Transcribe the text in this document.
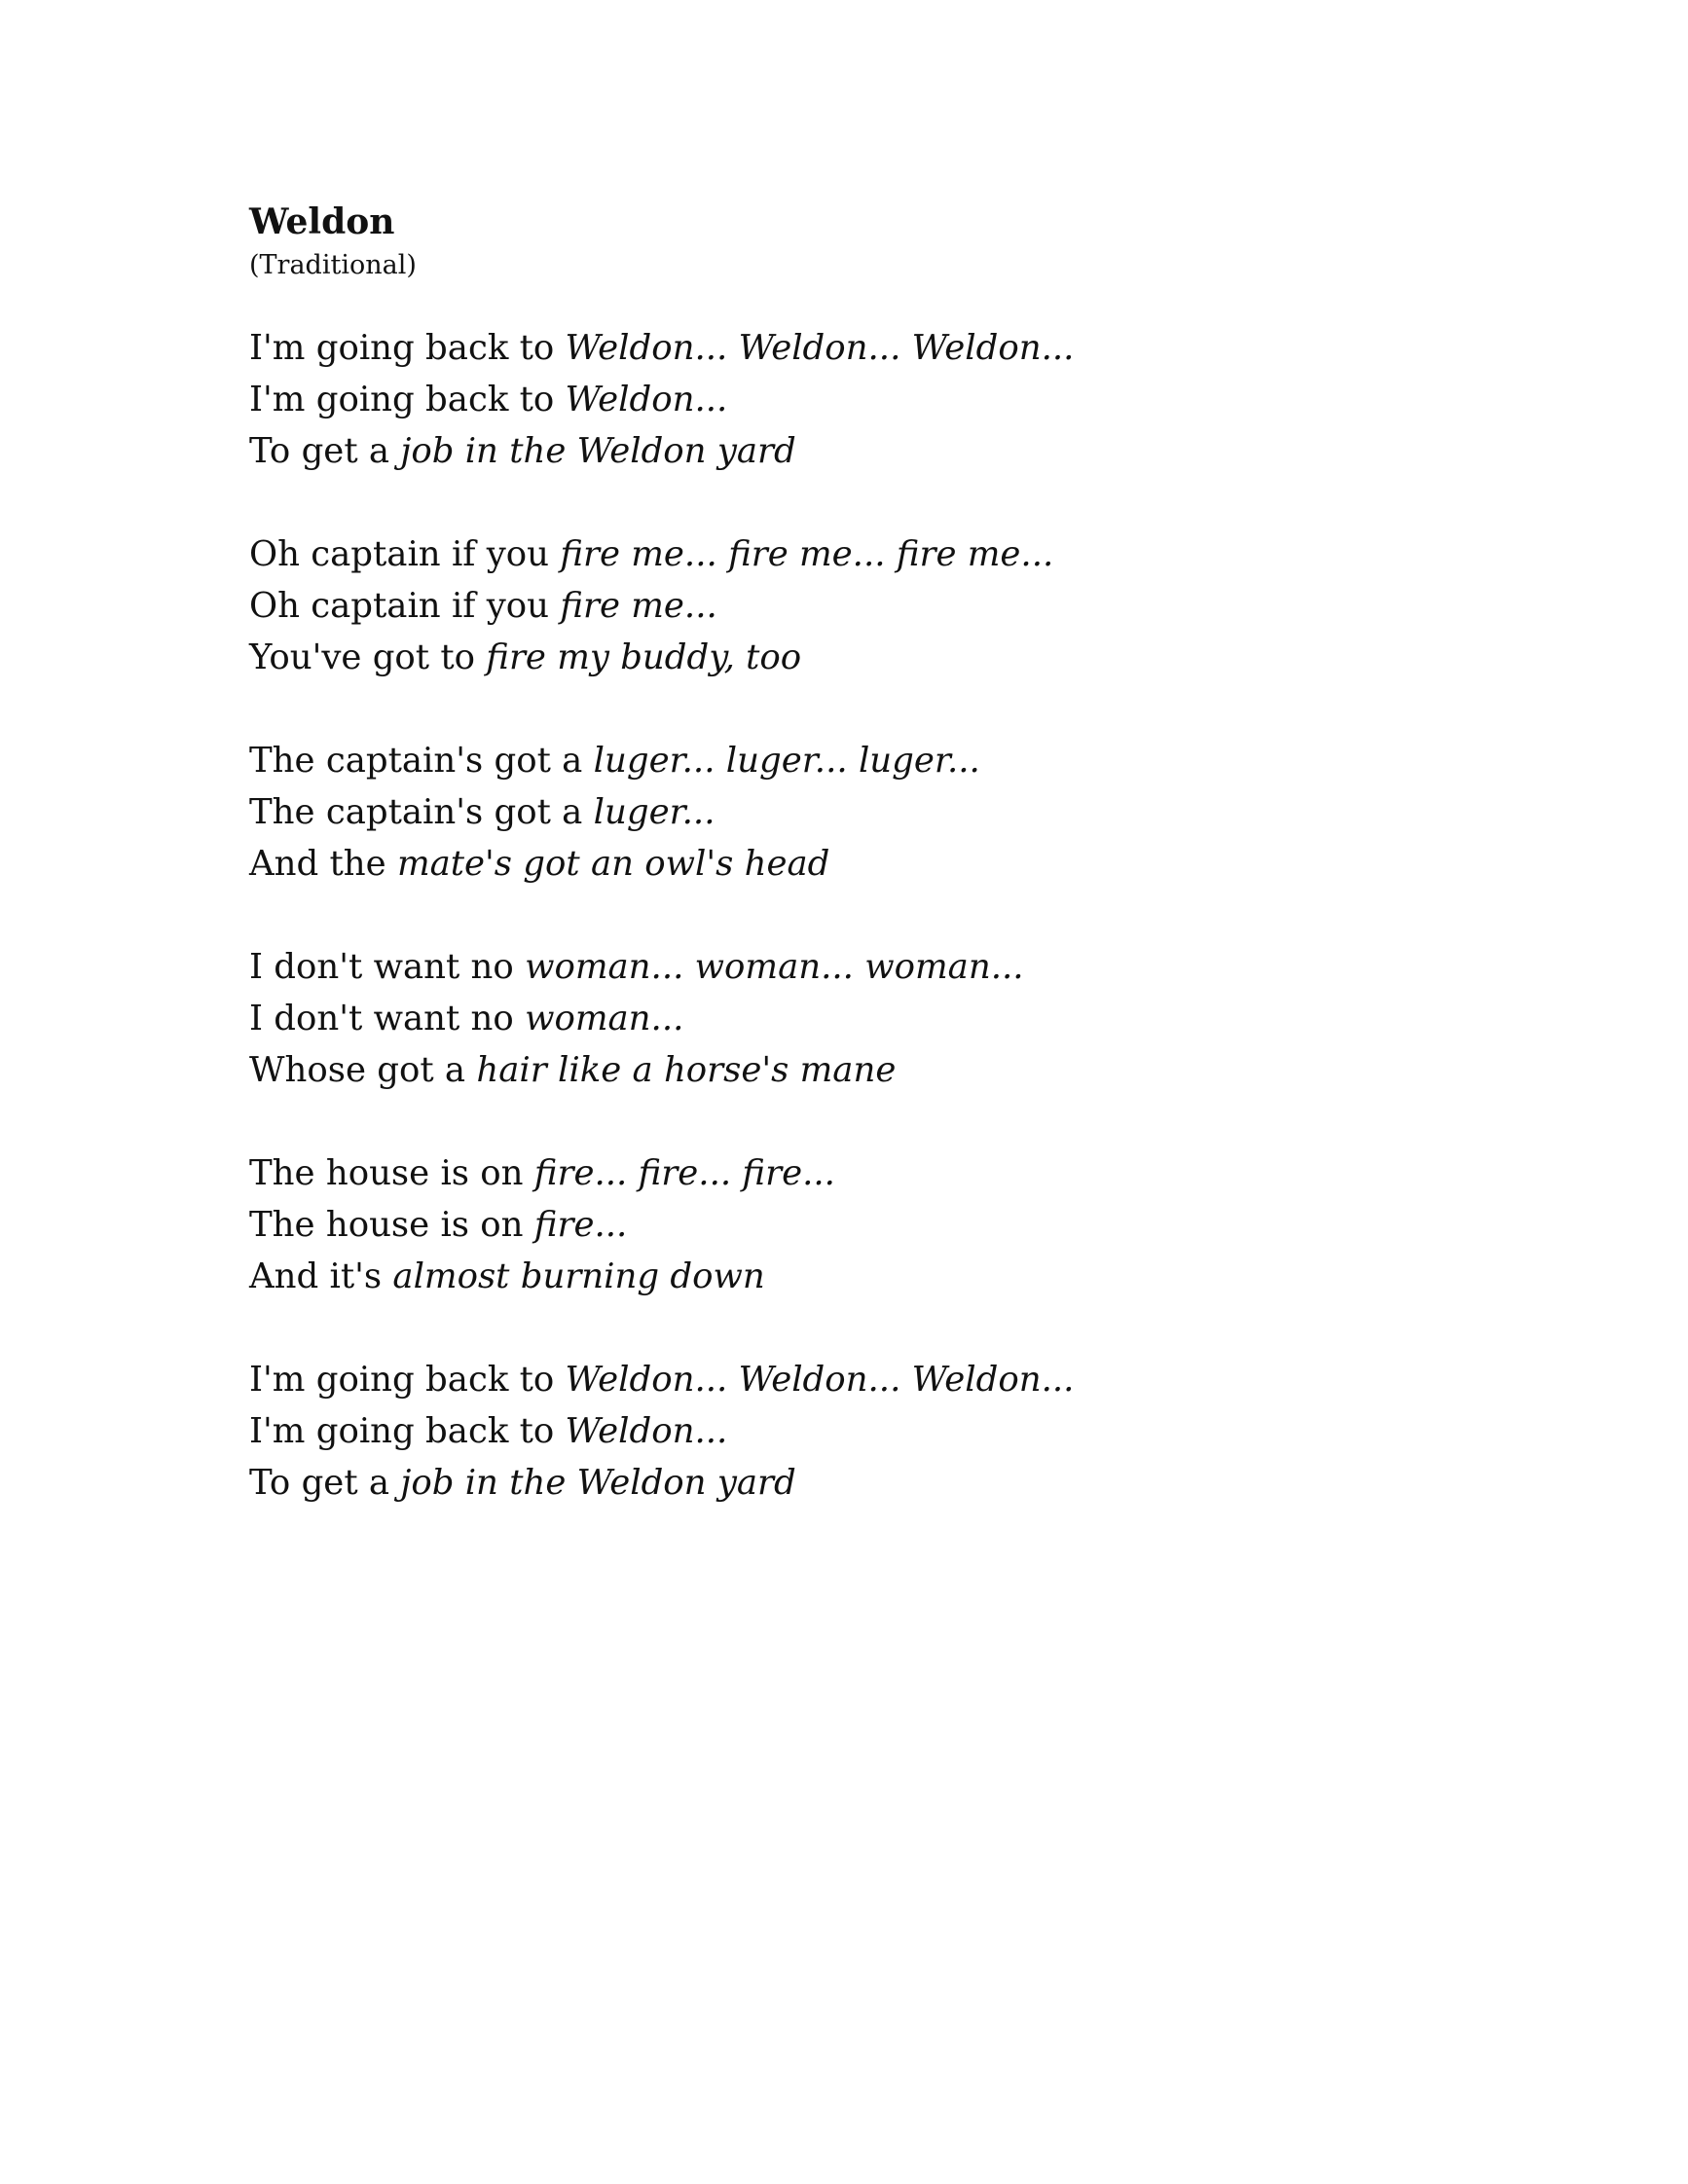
Weldon

(Traditional)

I'm going back to Weldon... Weldon... Weldon...

I'm going back to Weldon...

To get a job in the Weldon yard

Oh captain if you fire me... fire me... fire me...

Oh captain if you fire me...

You've got to fire my buddy, too

The captain's got a luger... luger... luger...

The captain's got a luger...

And the mate's got an owl's head

I don't want no woman... woman... woman...

I don't want no woman...

Whose got a hair like a horse's mane

The house is on fire... fire... fire...

The house is on fire...

And it's almost burning down

I'm going back to Weldon... Weldon... Weldon...

I'm going back to Weldon...

To get a job in the Weldon yard
